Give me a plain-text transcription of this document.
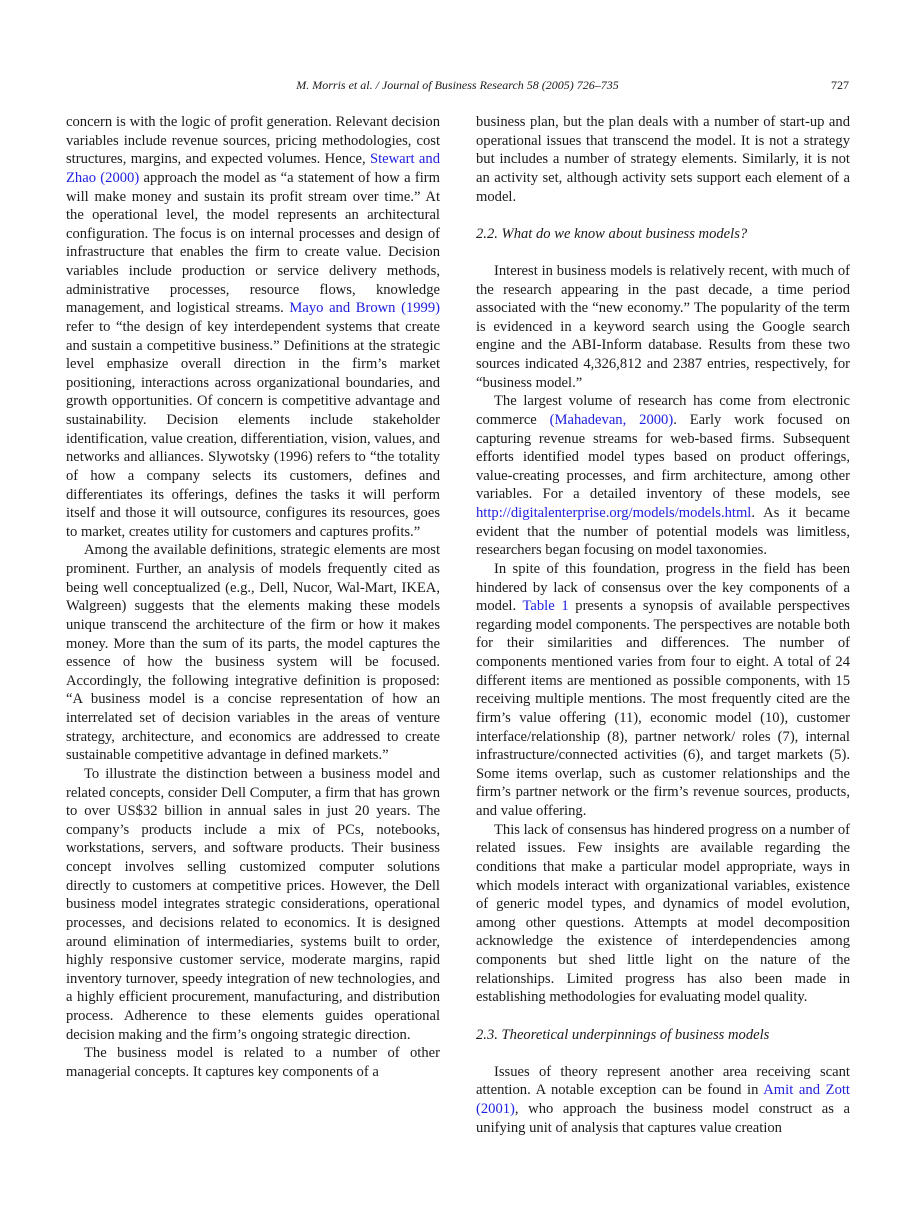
M. Morris et al. / Journal of Business Research 58 (2005) 726–735	727

concern is with the logic of profit generation. Relevant decision variables include revenue sources, pricing methodologies, cost structures, margins, and expected volumes. Hence, Stewart and Zhao (2000) approach the model as “a statement of how a firm will make money and sustain its profit stream over time.” At the operational level, the model represents an architectural configuration. The focus is on internal processes and design of infrastructure that enables the firm to create value. Decision variables include production or service delivery methods, administrative processes, resource flows, knowledge management, and logistical streams. Mayo and Brown (1999) refer to “the design of key interdependent systems that create and sustain a competitive business.” Definitions at the strategic level emphasize overall direction in the firm’s market positioning, interactions across organizational boundaries, and growth opportunities. Of concern is competitive advantage and sustainability. Decision elements include stakeholder identification, value creation, differentiation, vision, values, and networks and alliances. Slywotsky (1996) refers to “the totality of how a company selects its customers, defines and differentiates its offerings, defines the tasks it will perform itself and those it will outsource, configures its resources, goes to market, creates utility for customers and captures profits.”

Among the available definitions, strategic elements are most prominent. Further, an analysis of models frequently cited as being well conceptualized (e.g., Dell, Nucor, Wal-Mart, IKEA, Walgreen) suggests that the elements making these models unique transcend the architecture of the firm or how it makes money. More than the sum of its parts, the model captures the essence of how the business system will be focused. Accordingly, the following integrative definition is proposed: “A business model is a concise representation of how an interrelated set of decision variables in the areas of venture strategy, architecture, and economics are addressed to create sustainable competitive advantage in defined markets.”

To illustrate the distinction between a business model and related concepts, consider Dell Computer, a firm that has grown to over US$32 billion in annual sales in just 20 years. The company’s products include a mix of PCs, notebooks, workstations, servers, and software products. Their business concept involves selling customized computer solutions directly to customers at competitive prices. However, the Dell business model integrates strategic considerations, operational processes, and decisions related to economics. It is designed around elimination of intermediaries, systems built to order, highly responsive customer service, moderate margins, rapid inventory turnover, speedy integration of new technologies, and a highly efficient procurement, manufacturing, and distribution process. Adherence to these elements guides operational decision making and the firm’s ongoing strategic direction.

The business model is related to a number of other managerial concepts. It captures key components of a

business plan, but the plan deals with a number of start-up and operational issues that transcend the model. It is not a strategy but includes a number of strategy elements. Similarly, it is not an activity set, although activity sets support each element of a model.

2.2. What do we know about business models?

Interest in business models is relatively recent, with much of the research appearing in the past decade, a time period associated with the “new economy.” The popularity of the term is evidenced in a keyword search using the Google search engine and the ABI-Inform database. Results from these two sources indicated 4,326,812 and 2387 entries, respectively, for “business model.”

The largest volume of research has come from electronic commerce (Mahadevan, 2000). Early work focused on capturing revenue streams for web-based firms. Subsequent efforts identified model types based on product offerings, value-creating processes, and firm architecture, among other variables. For a detailed inventory of these models, see http://digitalenterprise.org/models/models.html. As it became evident that the number of potential models was limitless, researchers began focusing on model taxonomies.

In spite of this foundation, progress in the field has been hindered by lack of consensus over the key components of a model. Table 1 presents a synopsis of available perspectives regarding model components. The perspectives are notable both for their similarities and differences. The number of components mentioned varies from four to eight. A total of 24 different items are mentioned as possible components, with 15 receiving multiple mentions. The most frequently cited are the firm’s value offering (11), economic model (10), customer interface/relationship (8), partner network/ roles (7), internal infrastructure/connected activities (6), and target markets (5). Some items overlap, such as customer relationships and the firm’s partner network or the firm’s revenue sources, products, and value offering.

This lack of consensus has hindered progress on a number of related issues. Few insights are available regarding the conditions that make a particular model appropriate, ways in which models interact with organizational variables, existence of generic model types, and dynamics of model evolution, among other questions. Attempts at model decomposition acknowledge the existence of interdependencies among components but shed little light on the nature of the relationships. Limited progress has also been made in establishing methodologies for evaluating model quality.

2.3. Theoretical underpinnings of business models

Issues of theory represent another area receiving scant attention. A notable exception can be found in Amit and Zott (2001), who approach the business model construct as a unifying unit of analysis that captures value creation
